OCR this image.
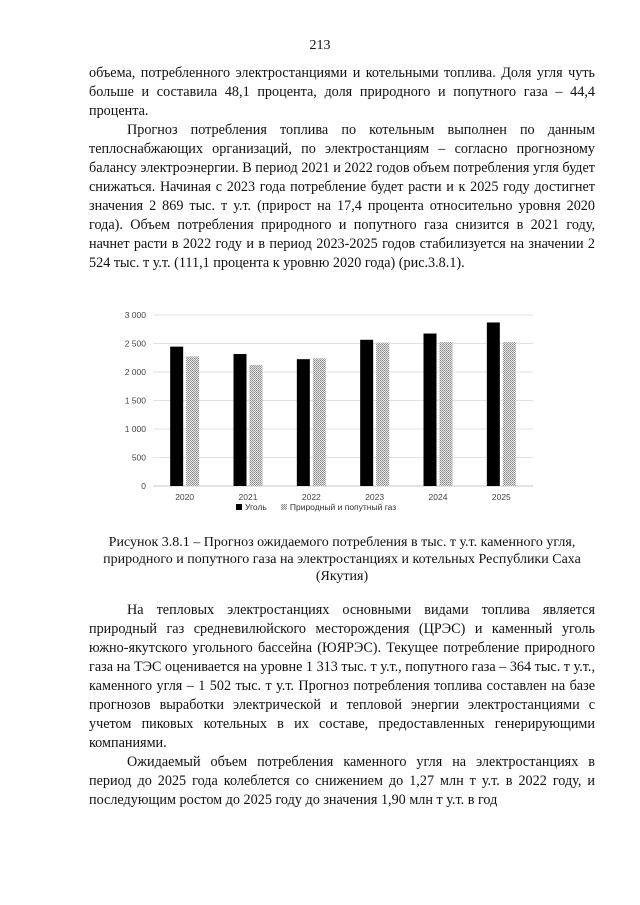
213

объема, потребленного электростанциями и котельными топлива. Доля угля чуть больше и составила 48,1 процента, доля природного и попутного газа – 44,4 процента.

Прогноз потребления топлива по котельным выполнен по данным теплоснабжающих организаций, по электростанциям – согласно прогнозному балансу электроэнергии. В период 2021 и 2022 годов объем потребления угля будет снижаться. Начиная с 2023 года потребление будет расти и к 2025 году достигнет значения 2 869 тыс. т у.т. (прирост на 17,4 процента относительно уровня 2020 года). Объем потребления природного и попутного газа снизится в 2021 году, начнет расти в 2022 году и в период 2023-2025 годов стабилизуется на значении 2 524 тыс. т у.т. (111,1 процента к уровню 2020 года) (рис.3.8.1).

0
500
1 000
1 500
2 000
2 500
3 000
2020	2021	2022	2023	2024	2025
Уголь	Природный и попутный газ

Рисунок 3.8.1 – Прогноз ожидаемого потребления в тыс. т у.т. каменного угля, природного и попутного газа на электростанциях и котельных Республики Саха (Якутия)

На тепловых электростанциях основными видами топлива является природный газ средневилюйского месторождения (ЦРЭС) и каменный уголь южно-якутского угольного бассейна (ЮЯРЭС). Текущее потребление природного газа на ТЭС оценивается на уровне 1 313 тыс. т у.т., попутного газа – 364 тыс. т у.т., каменного угля – 1 502 тыс. т у.т. Прогноз потребления топлива составлен на базе прогнозов выработки электрической и тепловой энергии электростанциями с учетом пиковых котельных в их составе, предоставленных генерирующими компаниями.

Ожидаемый объем потребления каменного угля на электростанциях в период до 2025 года колеблется со снижением до 1,27 млн т у.т. в 2022 году, и последующим ростом до 2025 году до значения 1,90 млн т у.т. в год
